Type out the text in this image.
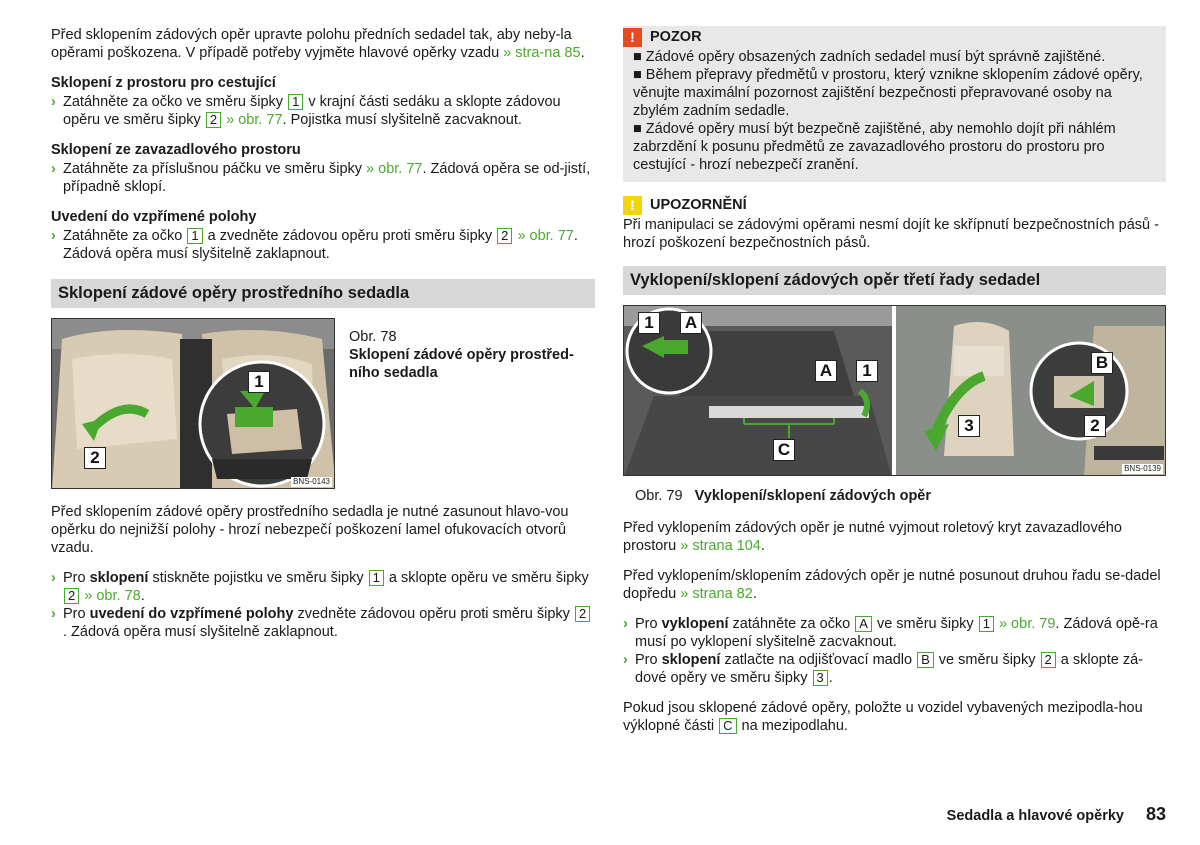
Před sklopením zádových opěr upravte polohu předních sedadel tak, aby neby-la opěrami poškozena. V případě potřeby vyjměte hlavové opěrky vzadu » stra-na 85.

Sklopení z prostoru pro cestující

› Zatáhněte za očko ve směru šipky 1 v krajní části sedáku a sklopte zádovou opěru ve směru šipky 2 » obr. 77. Pojistka musí slyšitelně zacvaknout.

Sklopení ze zavazadlového prostoru

› Zatáhněte za příslušnou páčku ve směru šipky » obr. 77. Zádová opěra se od-jistí, případně sklopí.

Uvedení do vzpřímené polohy

› Zatáhněte za očko 1 a zvedněte zádovou opěru proti směru šipky 2 » obr. 77. Zádová opěra musí slyšitelně zaklapnout.
Sklopení zádové opěry prostředního sedadla
1
2
BNS-0143

Obr. 78

Sklopení zádové opěry prostřed-ního sedadla

Před sklopením zádové opěry prostředního sedadla je nutné zasunout hlavo-vou opěrku do nejnižší polohy - hrozí nebezpečí poškození lamel ofukovacích otvorů vzadu.

› Pro sklopení stiskněte pojistku ve směru šipky 1 a sklopte opěru ve směru šipky 2 » obr. 78.
› Pro uvedení do vzpřímené polohy zvedněte zádovou opěru proti směru šipky 2. Zádová opěra musí slyšitelně zaklapnout.
!	POZOR

■ Zádové opěry obsazených zadních sedadel musí být správně zajištěné.

■ Během přepravy předmětů v prostoru, který vznikne sklopením zádové opěry, věnujte maximální pozornost zajištění bezpečnosti přepravované osoby na zbylém zadním sedadle.

■ Zádové opěry musí být bezpečně zajištěné, aby nemohlo dojít při náhlém zabrzdění k posunu předmětů ze zavazadlového prostoru do prostoru pro cestující - hrozí nebezpečí zranění.

!	UPOZORNĚNÍ

Při manipulaci se zádovými opěrami nesmí dojít ke skřípnutí bezpečnostních pásů - hrozí poškození bezpečnostních pásů.

Vyklopení/sklopení zádových opěr třetí řady sedadel
1	A
A	1
C
B
3	2
BNS-0139

Obr. 79 Vyklopení/sklopení zádových opěr

Před vyklopením zádových opěr je nutné vyjmout roletový kryt zavazadlového prostoru » strana 104.

Před vyklopením/sklopením zádových opěr je nutné posunout druhou řadu se-dadel dopředu » strana 82.

› Pro vyklopení zatáhněte za očko A ve směru šipky 1 » obr. 79. Zádová opě-ra musí po vyklopení slyšitelně zacvaknout.
› Pro sklopení zatlačte na odjišťovací madlo B ve směru šipky 2 a sklopte zá-dové opěry ve směru šipky 3 .

Pokud jsou sklopené zádové opěry, položte u vozidel vybavených mezipodla-hou výklopné části C na mezipodlahu.

Sedadla a hlavové opěrky 83
